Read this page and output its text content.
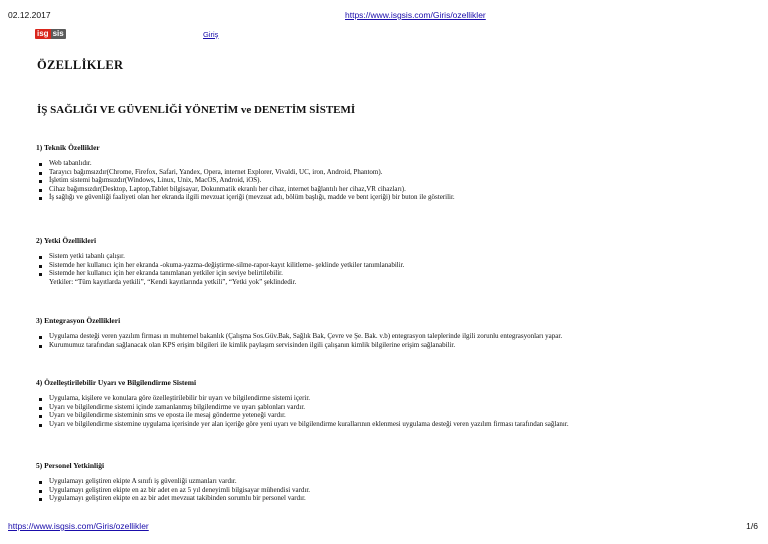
02.12.2017	https://www.isgsis.com/Giris/ozellikler
isg sis	Giriş
ÖZELLİKLER
İŞ SAĞLIĞI VE GÜVENLİĞİ YÖNETİM ve DENETİM SİSTEMİ
1) Teknik Özellikler
Web tabanlıdır.
Tarayıcı bağımsızdır(Chrome, Firefox, Safari, Yandex, Opera, internet Explorer, Vivaldi, UC, iron, Android, Phantom).
İşletim sistemi bağımsızdır(Windows, Linux, Unix, MacOS, Android, iOS).
Cihaz bağımsızdır(Desktop, Laptop,Tablet bilgisayar, Dokunmatik ekranlı her cihaz, internet bağlantılı her cihaz,VR cihazları).
İş sağlığı ve güvenliği faaliyeti olan her ekranda ilgili mevzuat içeriği (mevzuat adı, bölüm başlığı, madde ve bent içeriği) bir buton ile gösterilir.
2) Yetki Özellikleri
Sistem yetki tabanlı çalışır.
Sistemde her kullanıcı için her ekranda -okuma-yazma-değiştirme-silme-rapor-kayıt kilitleme- şeklinde yetkiler tanımlanabilir.
Sistemde her kullanıcı için her ekranda tanımlanan yetkiler için seviye belirtilebilir.
Yetkiler: “Tüm kayıtlarda yetkili”, “Kendi kayıtlarında yetkili”, “Yetki yok” şeklindedir.
3) Entegrasyon Özellikleri
Uygulama desteği veren yazılım firması ın muhtemel bakanlık (Çalışma Sos.Güv.Bak, Sağlık Bak, Çevre ve Şe. Bak. v.b) entegrasyon taleplerinde ilgili zorunlu entegrasyonları yapar.
Kurumumuz tarafından sağlanacak olan KPS erişim bilgileri ile kimlik paylaşım servisinden ilgili çalışanın kimlik bilgilerine erişim sağlanabilir.
4) Özelleştirilebilir Uyarı ve Bilgilendirme Sistemi
Uygulama, kişilere ve konulara göre özelleştirilebilir bir uyarı ve bilgilendirme sistemi içerir.
Uyarı ve bilgilendirme sistemi içinde zamanlanmış bilgilendirme ve uyarı şablonları vardır.
Uyarı ve bilgilendirme sisteminin sms ve eposta ile mesaj gönderme yeteneği vardır.
Uyarı ve bilgilendirme sistemine uygulama içerisinde yer alan içeriğe göre yeni uyarı ve bilgilendirme kurallarının eklenmesi uygulama desteği veren yazılım firması tarafından sağlanır.
5) Personel Yetkinliği
Uygulamayı geliştiren ekipte A sınıfı iş güvenliği uzmanları vardır.
Uygulamayı geliştiren ekipte en az bir adet en az 5 yıl deneyimli bilgisayar mühendisi vardır.
Uygulamayı geliştiren ekipte en az bir adet mevzuat takibinden sorumlu bir personel vardır.
https://www.isgsis.com/Giris/ozellikler	1/6
